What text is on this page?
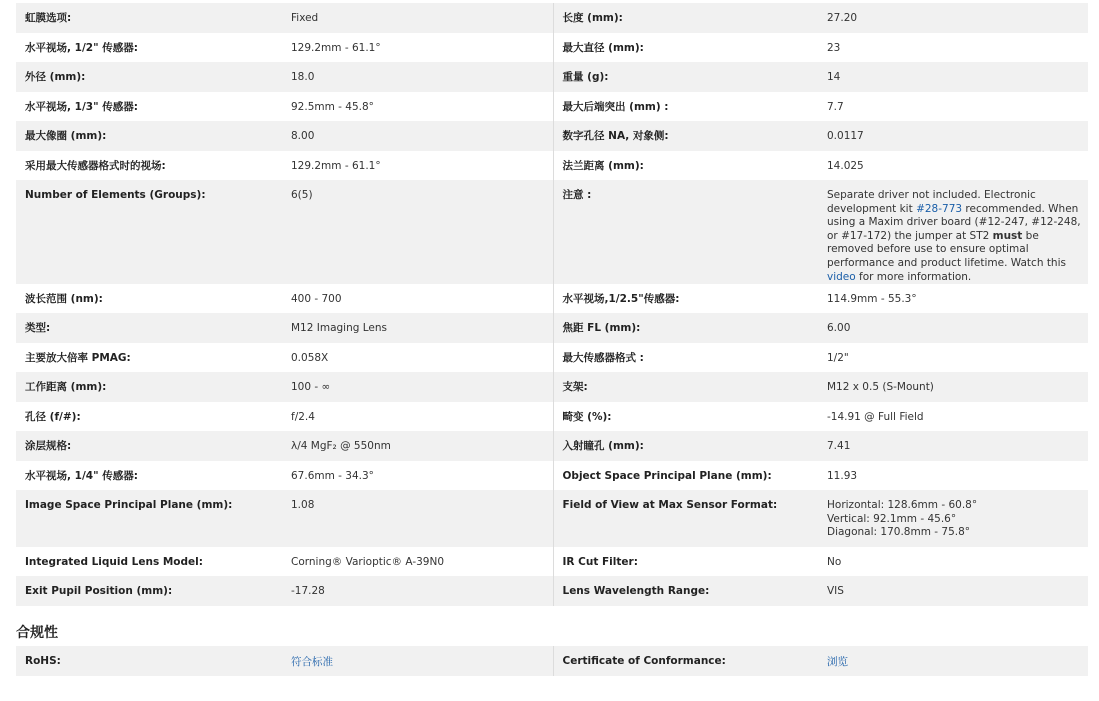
虹膜选项:	Fixed	长度 (mm):	27.20

水平视场, 1/2" 传感器:	129.2mm - 61.1°	最大直径 (mm):	23

外径 (mm):	18.0	重量 (g):	14

水平视场, 1/3" 传感器:	92.5mm - 45.8°	最大后端突出 (mm) :	7.7

最大像圈 (mm):	8.00	数字孔径 NA, 对象侧:	0.0117

采用最大传感器格式时的视场:	129.2mm - 61.1°	法兰距离 (mm):	14.025

Number of Elements (Groups):	6(5)	注意 :	Separate driver not included. Electronic development kit #28-773 recommended. When using a Maxim driver board (#12-247, #12-248, or #17-172) the jumper at ST2 must be removed before use to ensure optimal performance and product lifetime. Watch this video for more information.

波长范围 (nm):	400 - 700	水平视场,1/2.5"传感器:	114.9mm - 55.3°

类型:	M12 Imaging Lens	焦距 FL (mm):	6.00

主要放大倍率 PMAG:	0.058X	最大传感器格式 :	1/2"

工作距离 (mm):	100 - ∞	支架:	M12 x 0.5 (S-Mount)

孔径 (f/#):	f/2.4	畸变 (%):	-14.91 @ Full Field

涂层规格:	λ/4 MgF₂ @ 550nm	入射瞳孔 (mm):	7.41

水平视场, 1/4" 传感器:	67.6mm - 34.3°	Object Space Principal Plane (mm):	11.93

Image Space Principal Plane (mm):	1.08	Field of View at Max Sensor Format:	Horizontal: 128.6mm - 60.8°
Vertical: 92.1mm - 45.6°
Diagonal: 170.8mm - 75.8°

Integrated Liquid Lens Model:	Corning® Varioptic® A-39N0	IR Cut Filter:	No

Exit Pupil Position (mm):	-17.28	Lens Wavelength Range:	VIS
合规性
RoHS:	符合标准	Certificate of Conformance:	浏览
